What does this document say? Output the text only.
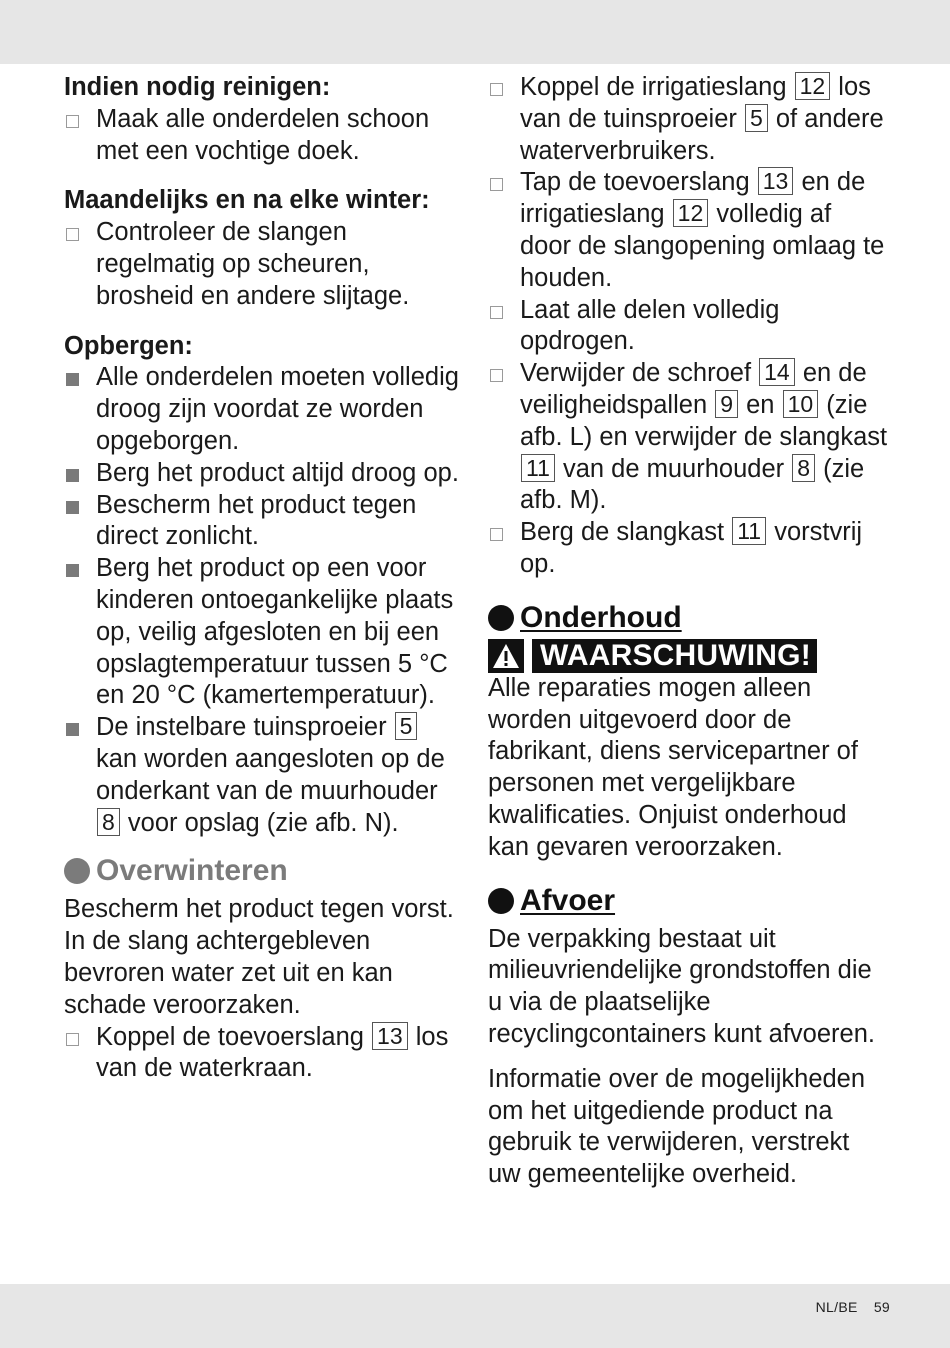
Indien nodig reinigen:

Maak alle onderdelen schoon met een vochtige doek.

Maandelijks en na elke winter:

Controleer de slangen regelmatig op scheuren, brosheid en andere slijtage.

Opbergen:

Alle onderdelen moeten volledig droog zijn voordat ze worden opgeborgen.
Berg het product altijd droog op.
Bescherm het product tegen direct zonlicht.
Berg het product op een voor kinderen ontoegankelijke plaats op, veilig afgesloten en bij een opslagtemperatuur tussen 5 °C en 20 °C (kamertemperatuur).
De instelbare tuinsproeier 5 kan worden aangesloten op de onderkant van de muurhouder 8 voor opslag (zie afb. N).
Overwinteren

Bescherm het product tegen vorst. In de slang achtergebleven bevroren water zet uit en kan schade veroorzaken.

Koppel de toevoerslang 13 los van de waterkraan.
Koppel de irrigatieslang 12 los van de tuinsproeier 5 of andere waterverbruikers.
Tap de toevoerslang 13 en de irrigatieslang 12 volledig af door de slangopening omlaag te houden.
Laat alle delen volledig opdrogen.
Verwijder de schroef 14 en de veiligheidspallen 9 en 10 (zie afb. L) en verwijder de slangkast 11 van de muurhouder 8 (zie afb. M).
Berg de slangkast 11 vorstvrij op.
Onderhoud
WAARSCHUWING!

Alle reparaties mogen alleen worden uitgevoerd door de fabrikant, diens servicepartner of personen met vergelijkbare kwalificaties. Onjuist onderhoud kan gevaren veroorzaken.

Afvoer

De verpakking bestaat uit milieuvriendelijke grondstoffen die u via de plaatselijke recyclingcontainers kunt afvoeren.

Informatie over de mogelijkheden om het uitgediende product na gebruik te verwijderen, verstrekt uw gemeentelijke overheid.

NL/BE 59
